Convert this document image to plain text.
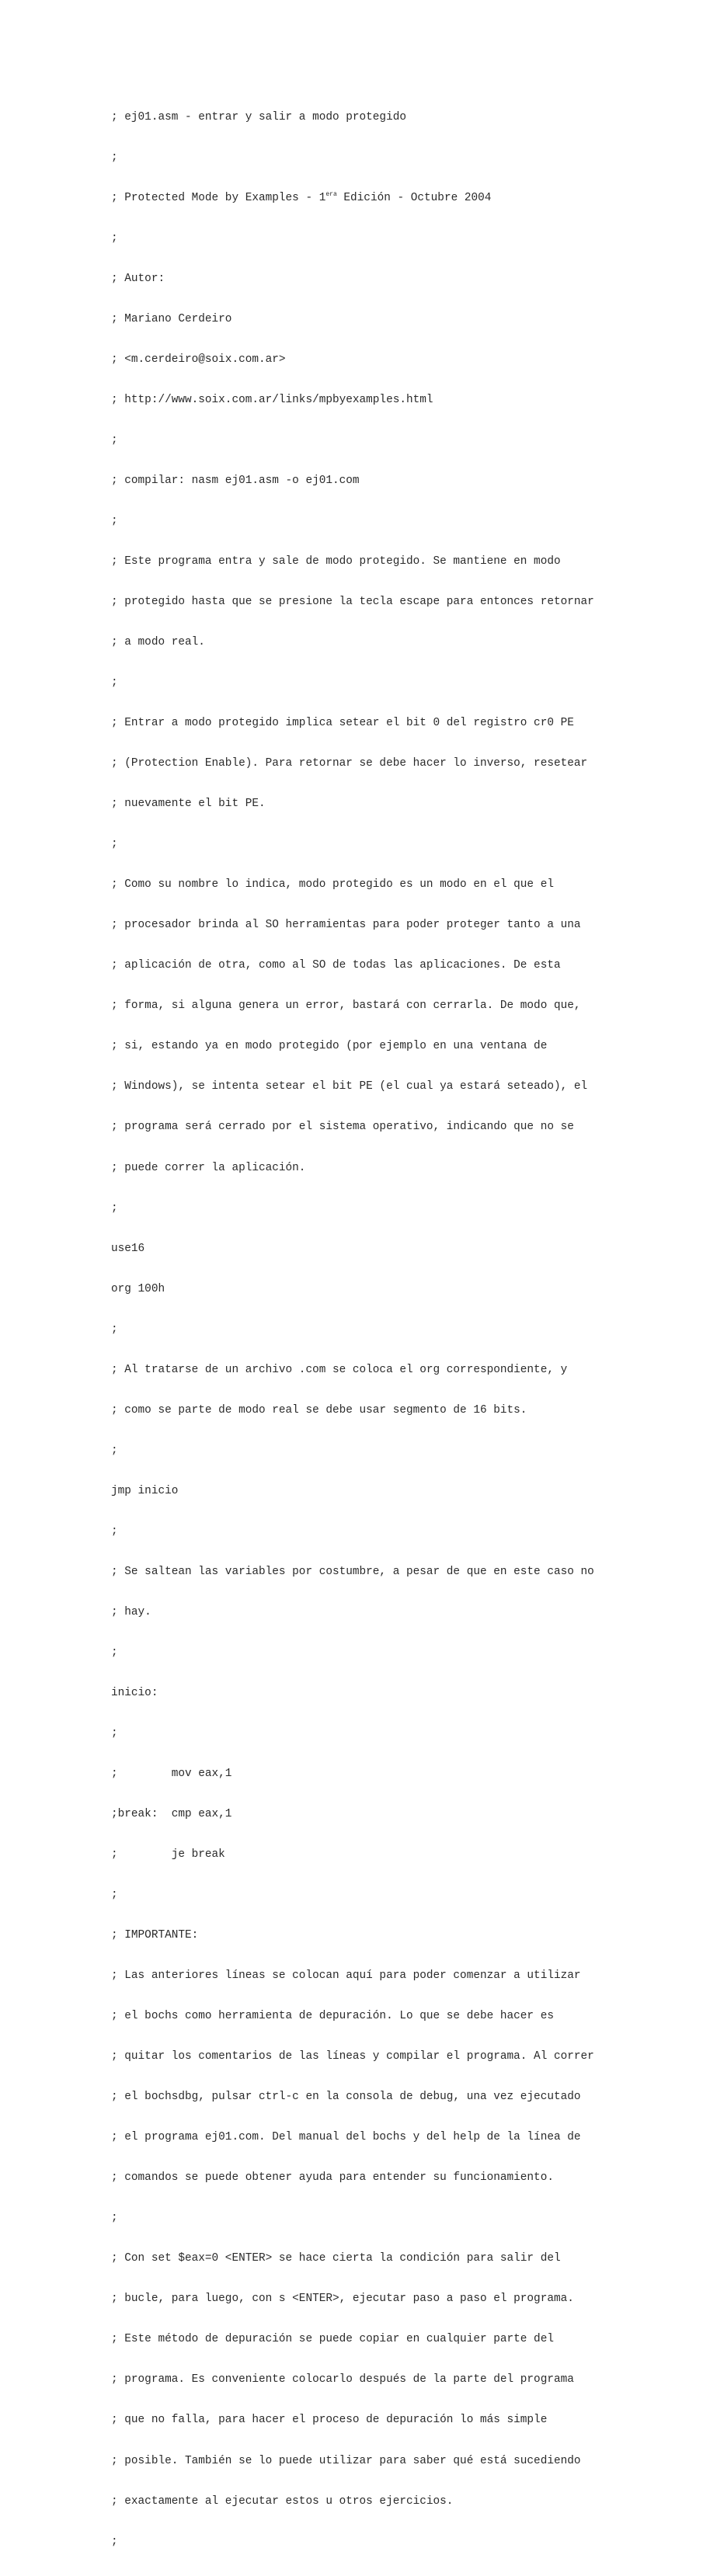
; ej01.asm - entrar y salir a modo protegido

;

; Protected Mode by Examples - $1^{era}$ Edición - Octubre 2004

;

; Autor:

; Mariano Cerdeiro

; <m.cerdeiro@soix.com.ar>

; http://www.soix.com.ar/links/mpbyexamples.html

;

; compilar: nasm ej01.asm -o ej01.com

;

; Este programa entra y sale de modo protegido. Se mantiene en modo

; protegido hasta que se presione la tecla escape para entonces retornar

; a modo real.

;

; Entrar a modo protegido implica setear el bit 0 del registro cr0 PE

; (Protection Enable). Para retornar se debe hacer lo inverso, resetear

; nuevamente el bit PE.

;

; Como su nombre lo indica, modo protegido es un modo en el que el

; procesador brinda al SO herramientas para poder proteger tanto a una

; aplicación de otra, como al SO de todas las aplicaciones. De esta

; forma, si alguna genera un error, bastará con cerrarla. De modo que,

; si, estando ya en modo protegido (por ejemplo en una ventana de

; Windows), se intenta setear el bit PE (el cual ya estará seteado), el

; programa será cerrado por el sistema operativo, indicando que no se

; puede correr la aplicación.

;

use16

org 100h

;

; Al tratarse de un archivo .com se coloca el org correspondiente, y

; como se parte de modo real se debe usar segmento de 16 bits.

;

jmp inicio

;

; Se saltean las variables por costumbre, a pesar de que en este caso no

; hay.

;

inicio:

;

;        mov eax,1

;break:  cmp eax,1

;        je break

;

; IMPORTANTE:

; Las anteriores líneas se colocan aquí para poder comenzar a utilizar

; el bochs como herramienta de depuración. Lo que se debe hacer es

; quitar los comentarios de las líneas y compilar el programa. Al correr

; el bochsdbg, pulsar ctrl-c en la consola de debug, una vez ejecutado

; el programa ej01.com. Del manual del bochs y del help de la línea de

; comandos se puede obtener ayuda para entender su funcionamiento.

;

; Con set $eax=0 <ENTER> se hace cierta la condición para salir del

; bucle, para luego, con s <ENTER>, ejecutar paso a paso el programa.

; Este método de depuración se puede copiar en cualquier parte del

; programa. Es conveniente colocarlo después de la parte del programa

; que no falla, para hacer el proceso de depuración lo más simple

; posible. También se lo puede utilizar para saber qué está sucediendo

; exactamente al ejecutar estos u otros ejercicios.

;
